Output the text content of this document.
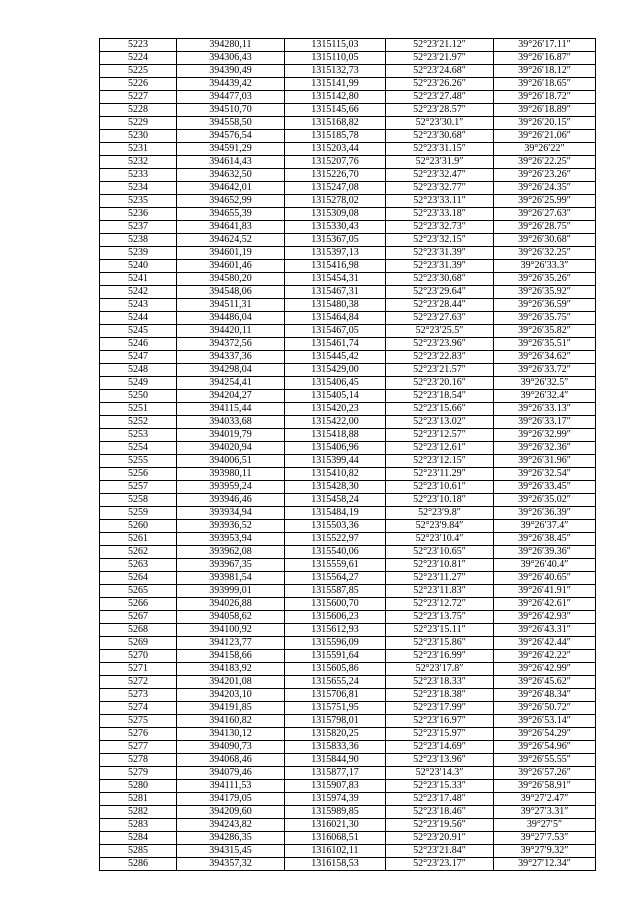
5223	394280,11	1315115,03	52°23′21.12″	39°26′17.11″
5224	394306,43	1315110,05	52°23′21.97″	39°26′16.87″
5225	394390,49	1315132,73	52°23′24.68″	39°26′18.12″
5226	394439,42	1315141,99	52°23′26.26″	39°26′18.65″
5227	394477,03	1315142,80	52°23′27.48″	39°26′18.72″
5228	394510,70	1315145,66	52°23′28.57″	39°26′18.89″
5229	394558,50	1315168,82	52°23′30.1″	39°26′20.15″
5230	394576,54	1315185,78	52°23′30.68″	39°26′21.06″
5231	394591,29	1315203,44	52°23′31.15″	39°26′22″
5232	394614,43	1315207,76	52°23′31.9″	39°26′22.25″
5233	394632,50	1315226,70	52°23′32.47″	39°26′23.26″
5234	394642,01	1315247,08	52°23′32.77″	39°26′24.35″
5235	394652,99	1315278,02	52°23′33.11″	39°26′25.99″
5236	394655,39	1315309,08	52°23′33.18″	39°26′27.63″
5237	394641,83	1315330,43	52°23′32.73″	39°26′28.75″
5238	394624,52	1315367,05	52°23′32.15″	39°26′30.68″
5239	394601,19	1315397,13	52°23′31.39″	39°26′32.25″
5240	394601,46	1315416,98	52°23′31.39″	39°26′33.3″
5241	394580,20	1315454,31	52°23′30.68″	39°26′35.26″
5242	394548,06	1315467,31	52°23′29.64″	39°26′35.92″
5243	394511,31	1315480,38	52°23′28.44″	39°26′36.59″
5244	394486,04	1315464,84	52°23′27.63″	39°26′35.75″
5245	394420,11	1315467,05	52°23′25.5″	39°26′35.82″
5246	394372,56	1315461,74	52°23′23.96″	39°26′35.51″
5247	394337,36	1315445,42	52°23′22.83″	39°26′34.62″
5248	394298,04	1315429,00	52°23′21.57″	39°26′33.72″
5249	394254,41	1315406,45	52°23′20.16″	39°26′32.5″
5250	394204,27	1315405,14	52°23′18.54″	39°26′32.4″
5251	394115,44	1315420,23	52°23′15.66″	39°26′33.13″
5252	394033,68	1315422,00	52°23′13.02″	39°26′33.17″
5253	394019,79	1315418,88	52°23′12.57″	39°26′32.99″
5254	394020,94	1315406,96	52°23′12.61″	39°26′32.36″
5255	394006,51	1315399,44	52°23′12.15″	39°26′31.96″
5256	393980,11	1315410,82	52°23′11.29″	39°26′32.54″
5257	393959,24	1315428,30	52°23′10.61″	39°26′33.45″
5258	393946,46	1315458,24	52°23′10.18″	39°26′35.02″
5259	393934,94	1315484,19	52°23′9.8″	39°26′36.39″
5260	393936,52	1315503,36	52°23′9.84″	39°26′37.4″
5261	393953,94	1315522,97	52°23′10.4″	39°26′38.45″
5262	393962,08	1315540,06	52°23′10.65″	39°26′39.36″
5263	393967,35	1315559,61	52°23′10.81″	39°26′40.4″
5264	393981,54	1315564,27	52°23′11.27″	39°26′40.65″
5265	393999,01	1315587,85	52°23′11.83″	39°26′41.91″
5266	394026,88	1315600,70	52°23′12.72″	39°26′42.61″
5267	394058,62	1315606,23	52°23′13.75″	39°26′42.93″
5268	394100,92	1315612,93	52°23′15.11″	39°26′43.31″
5269	394123,77	1315596,09	52°23′15.86″	39°26′42.44″
5270	394158,66	1315591,64	52°23′16.99″	39°26′42.22″
5271	394183,92	1315605,86	52°23′17.8″	39°26′42.99″
5272	394201,08	1315655,24	52°23′18.33″	39°26′45.62″
5273	394203,10	1315706,81	52°23′18.38″	39°26′48.34″
5274	394191,85	1315751,95	52°23′17.99″	39°26′50.72″
5275	394160,82	1315798,01	52°23′16.97″	39°26′53.14″
5276	394130,12	1315820,25	52°23′15.97″	39°26′54.29″
5277	394090,73	1315833,36	52°23′14.69″	39°26′54.96″
5278	394068,46	1315844,90	52°23′13.96″	39°26′55.55″
5279	394079,46	1315877,17	52°23′14.3″	39°26′57.26″
5280	394111,53	1315907,83	52°23′15.33″	39°26′58.91″
5281	394179,05	1315974,39	52°23′17.48″	39°27′2.47″
5282	394209,60	1315989,85	52°23′18.46″	39°27′3.31″
5283	394243,82	1316021,30	52°23′19.56″	39°27′5″
5284	394286,35	1316068,51	52°23′20.91″	39°27′7.53″
5285	394315,45	1316102,11	52°23′21.84″	39°27′9.32″
5286	394357,32	1316158,53	52°23′23.17″	39°27′12.34″
